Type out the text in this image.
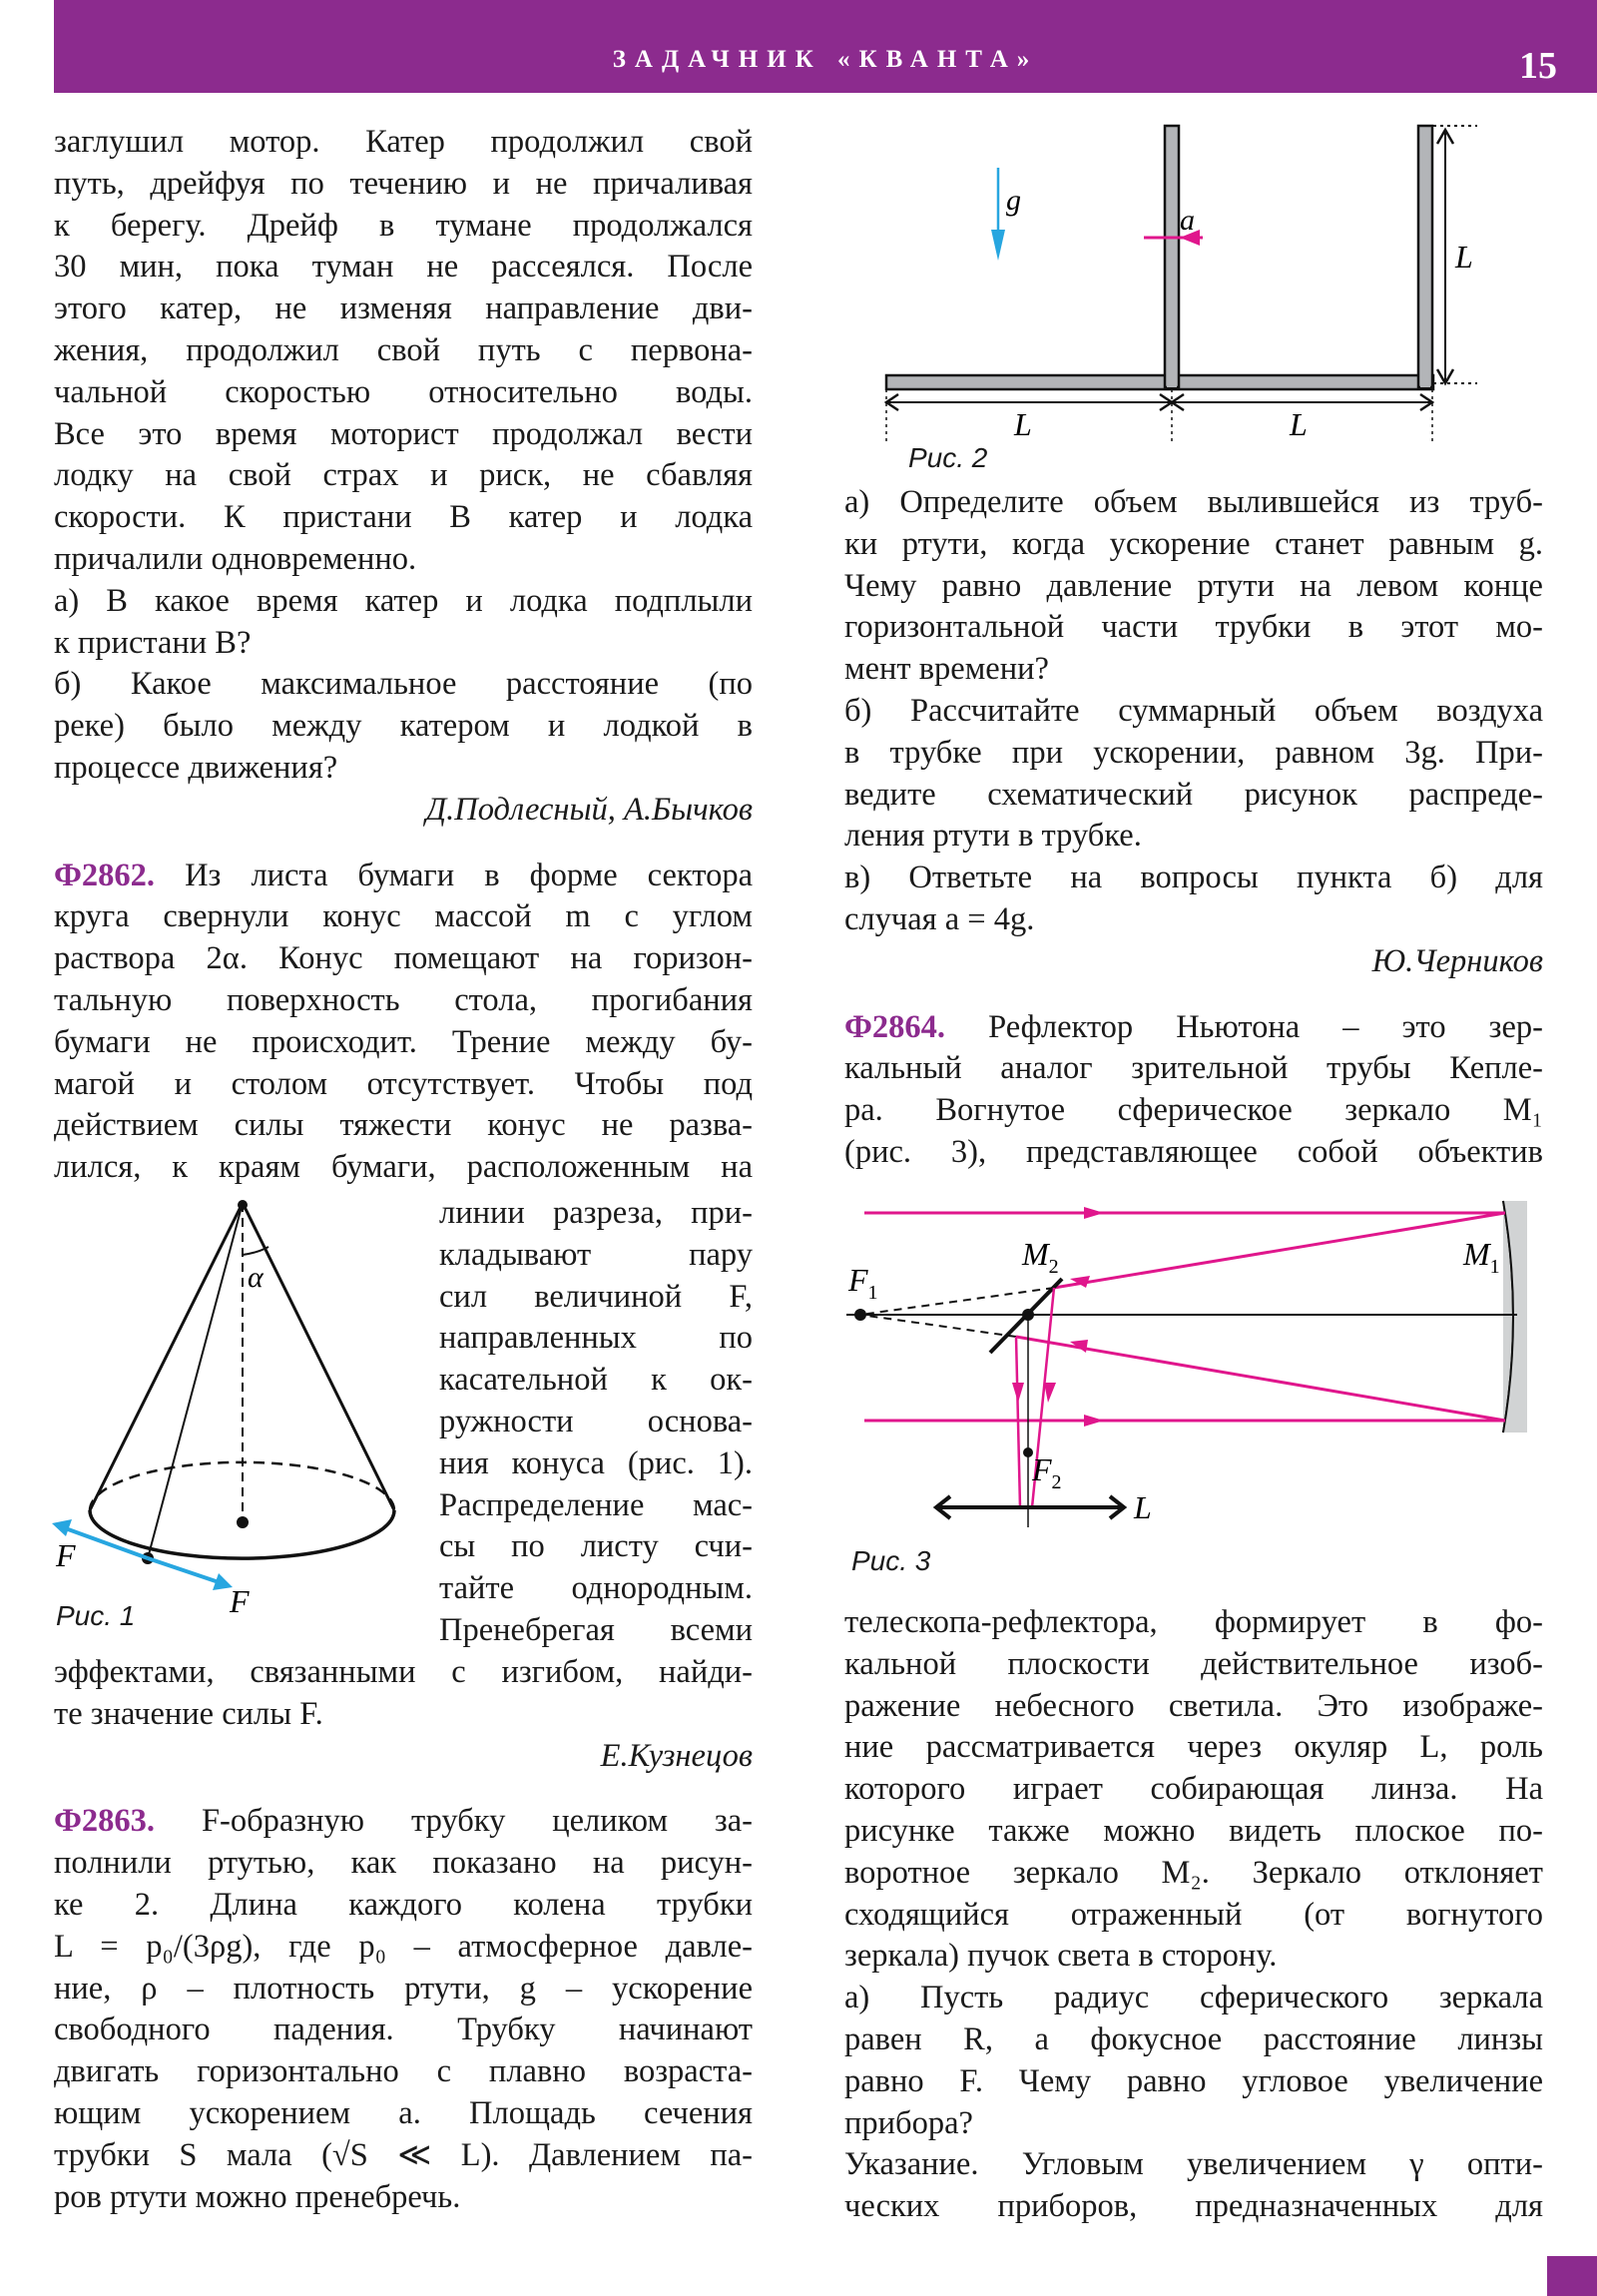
ЗАДАЧНИК «КВАНТА»	15
заглушил мотор. Катер продолжил свой
путь, дрейфуя по течению и не причаливая
к берегу. Дрейф в тумане продолжался
30 мин, пока туман не рассеялся. После
этого катер, не изменяя направление дви-
жения, продолжил свой путь с первона-
чальной скоростью относительно воды.
Все это время моторист продолжал вести
лодку на свой страх и риск, не сбавляя
скорости. К пристани B катер и лодка
причалили одновременно.
а) В какое время катер и лодка подплыли
к пристани B?
б) Какое максимальное расстояние (по
реке) было между катером и лодкой в
процессе движения?
Д.Подлесный, А.Бычков
Ф2862. Из листа бумаги в форме сектора
круга свернули конус массой m с углом
раствора 2α. Конус помещают на горизон-
тальную поверхность стола, прогибания
бумаги не происходит. Трение между бу-
магой и столом отсутствует. Чтобы под
действием силы тяжести конус не разва-
лился, к краям бумаги, расположенным на
α
F
F
Рис. 1
линии разреза, при-
кладывают пару
сил величиной F,
направленных по
касательной к ок-
ружности основа-
ния конуса (рис. 1).
Распределение мас-
сы по листу счи-
тайте однородным.
Пренебрегая всеми
эффектами, связанными с изгибом, найди-
те значение силы F.
Е.Кузнецов
Ф2863. F-образную трубку целиком за-
полнили ртутью, как показано на рисун-
ке 2. Длина каждого колена трубки
L = p₀/(3ρg), где p₀ – атмосферное давле-
ние, ρ – плотность ртути, g – ускорение
свободного падения. Трубку начинают
двигать горизонтально с плавно возраста-
ющим ускорением a. Площадь сечения
трубки S мала (√S ≪ L). Давлением па-
ров ртути можно пренебречь.
g
a
L
L	L
Рис. 2
а) Определите объем вылившейся из труб-
ки ртути, когда ускорение станет равным g.
Чему равно давление ртути на левом конце
горизонтальной части трубки в этот мо-
мент времени?
б) Рассчитайте суммарный объем воздуха
в трубке при ускорении, равном 3g. При-
ведите схематический рисунок распреде-
ления ртути в трубке.
в) Ответьте на вопросы пункта б) для
случая a = 4g.
Ю.Черников
Ф2864. Рефлектор Ньютона – это зер-
кальный аналог зрительной трубы Кепле-
ра. Вогнутое сферическое зеркало M₁
(рис. 3), представляющее собой объектив
$F_1$
$M_2$	$M_1$
$F_2$
L
Рис. 3
телескопа-рефлектора, формирует в фо-
кальной плоскости действительное изоб-
ражение небесного светила. Это изображе-
ние рассматривается через окуляр L, роль
которого играет собирающая линза. На
рисунке также можно видеть плоское по-
воротное зеркало M₂. Зеркало отклоняет
сходящийся отраженный (от вогнутого
зеркала) пучок света в сторону.
а) Пусть радиус сферического зеркала
равен R, а фокусное расстояние линзы
равно F. Чему равно угловое увеличение
прибора?
Указание. Угловым увеличением γ опти-
ческих приборов, предназначенных для
